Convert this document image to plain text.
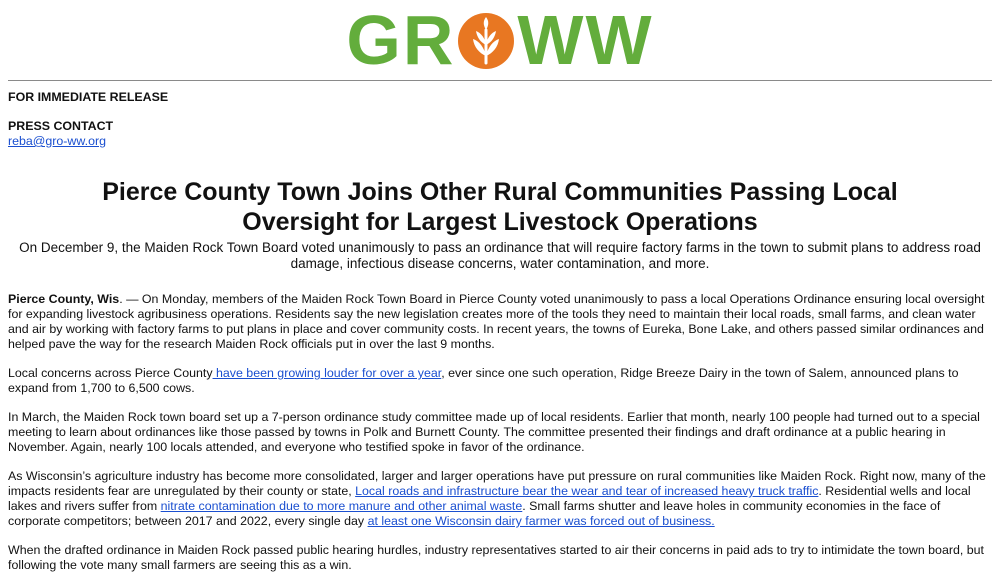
GR WW

FOR IMMEDIATE RELEASE

PRESS CONTACT

reba@gro-ww.org

Pierce County Town Joins Other Rural Communities Passing Local
Oversight for Largest Livestock Operations

On December 9, the Maiden Rock Town Board voted unanimously to pass an ordinance that will require factory farms in the town to submit plans to address road damage, infectious disease concerns, water contamination, and more.

Pierce County, Wis. — On Monday, members of the Maiden Rock Town Board in Pierce County voted unanimously to pass a local Operations Ordinance ensuring local oversight for expanding livestock agribusiness operations. Residents say the new legislation creates more of the tools they need to maintain their local roads, small farms, and clean water and air by working with factory farms to put plans in place and cover community costs. In recent years, the towns of Eureka, Bone Lake, and others passed similar ordinances and helped pave the way for the research Maiden Rock officials put in over the last 9 months.

Local concerns across Pierce County have been growing louder for over a year, ever since one such operation, Ridge Breeze Dairy in the town of Salem, announced plans to expand from 1,700 to 6,500 cows.

In March, the Maiden Rock town board set up a 7-person ordinance study committee made up of local residents. Earlier that month, nearly 100 people had turned out to a special meeting to learn about ordinances like those passed by towns in Polk and Burnett County. The committee presented their findings and draft ordinance at a public hearing in November. Again, nearly 100 locals attended, and everyone who testified spoke in favor of the ordinance.

As Wisconsin’s agriculture industry has become more consolidated, larger and larger operations have put pressure on rural communities like Maiden Rock. Right now, many of the impacts residents fear are unregulated by their county or state, Local roads and infrastructure bear the wear and tear of increased heavy truck traffic. Residential wells and local lakes and rivers suffer from nitrate contamination due to more manure and other animal waste. Small farms shutter and leave holes in community economies in the face of corporate competitors; between 2017 and 2022, every single day at least one Wisconsin dairy farmer was forced out of business.

When the drafted ordinance in Maiden Rock passed public hearing hurdles, industry representatives started to air their concerns in paid ads to try to intimidate the town board, but following the vote many small farmers are seeing this as a win.
